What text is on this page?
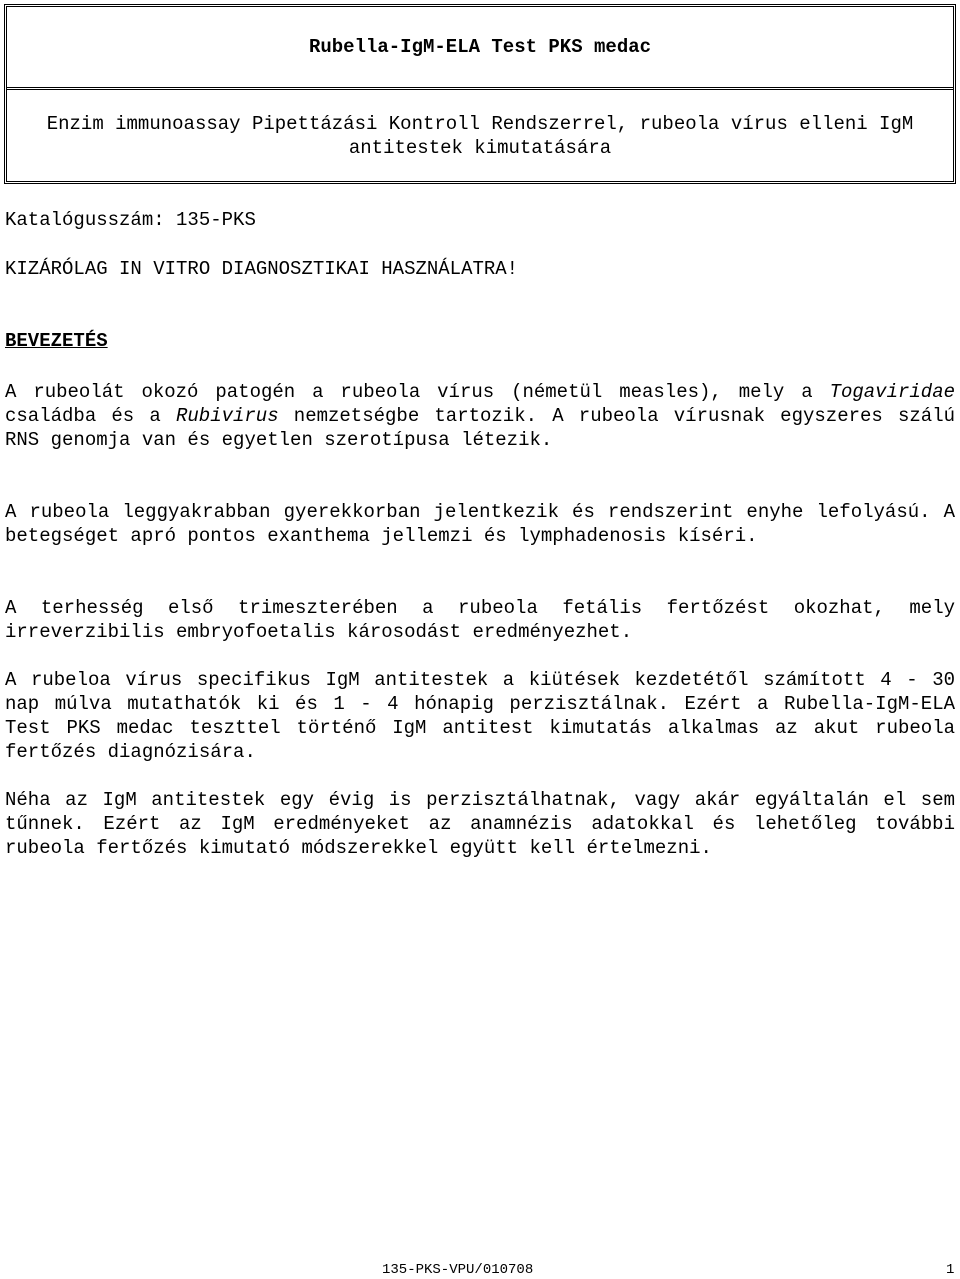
Rubella-IgM-ELA Test PKS medac
Enzim immunoassay Pipettázási Kontroll Rendszerrel, rubeola vírus elleni IgM antitestek kimutatására
Katalógusszám: 135-PKS
KIZÁRÓLAG IN VITRO DIAGNOSZTIKAI HASZNÁLATRA!
BEVEZETÉS

A rubeolát okozó patogén a rubeola vírus (németül measles), mely a Togaviridae családba és a Rubivirus nemzetségbe tartozik. A rubeola vírusnak egyszeres szálú RNS genomja van és egyetlen szerotípusa létezik.

A rubeola leggyakrabban gyerekkorban jelentkezik és rendszerint enyhe lefolyású. A betegséget apró pontos exanthema jellemzi és lymphadenosis kíséri.

A terhesség első trimeszterében a rubeola fetális fertőzést okozhat, mely irreverzibilis embryofoetalis károsodást eredményezhet.

A rubeloa vírus specifikus IgM antitestek a kiütések kezdetétől számított 4 - 30 nap múlva mutathatók ki és 1 - 4 hónapig perzisztálnak. Ezért a Rubella-IgM-ELA Test PKS medac teszttel történő IgM antitest kimutatás alkalmas az akut rubeola fertőzés diagnózisára.

Néha az IgM antitestek egy évig is perzisztálhatnak, vagy akár egyáltalán el sem tűnnek. Ezért az IgM eredményeket az anamnézis adatokkal és lehetőleg további rubeola fertőzés kimutató módszerekkel együtt kell értelmezni.

135-PKS-VPU/010708	1
